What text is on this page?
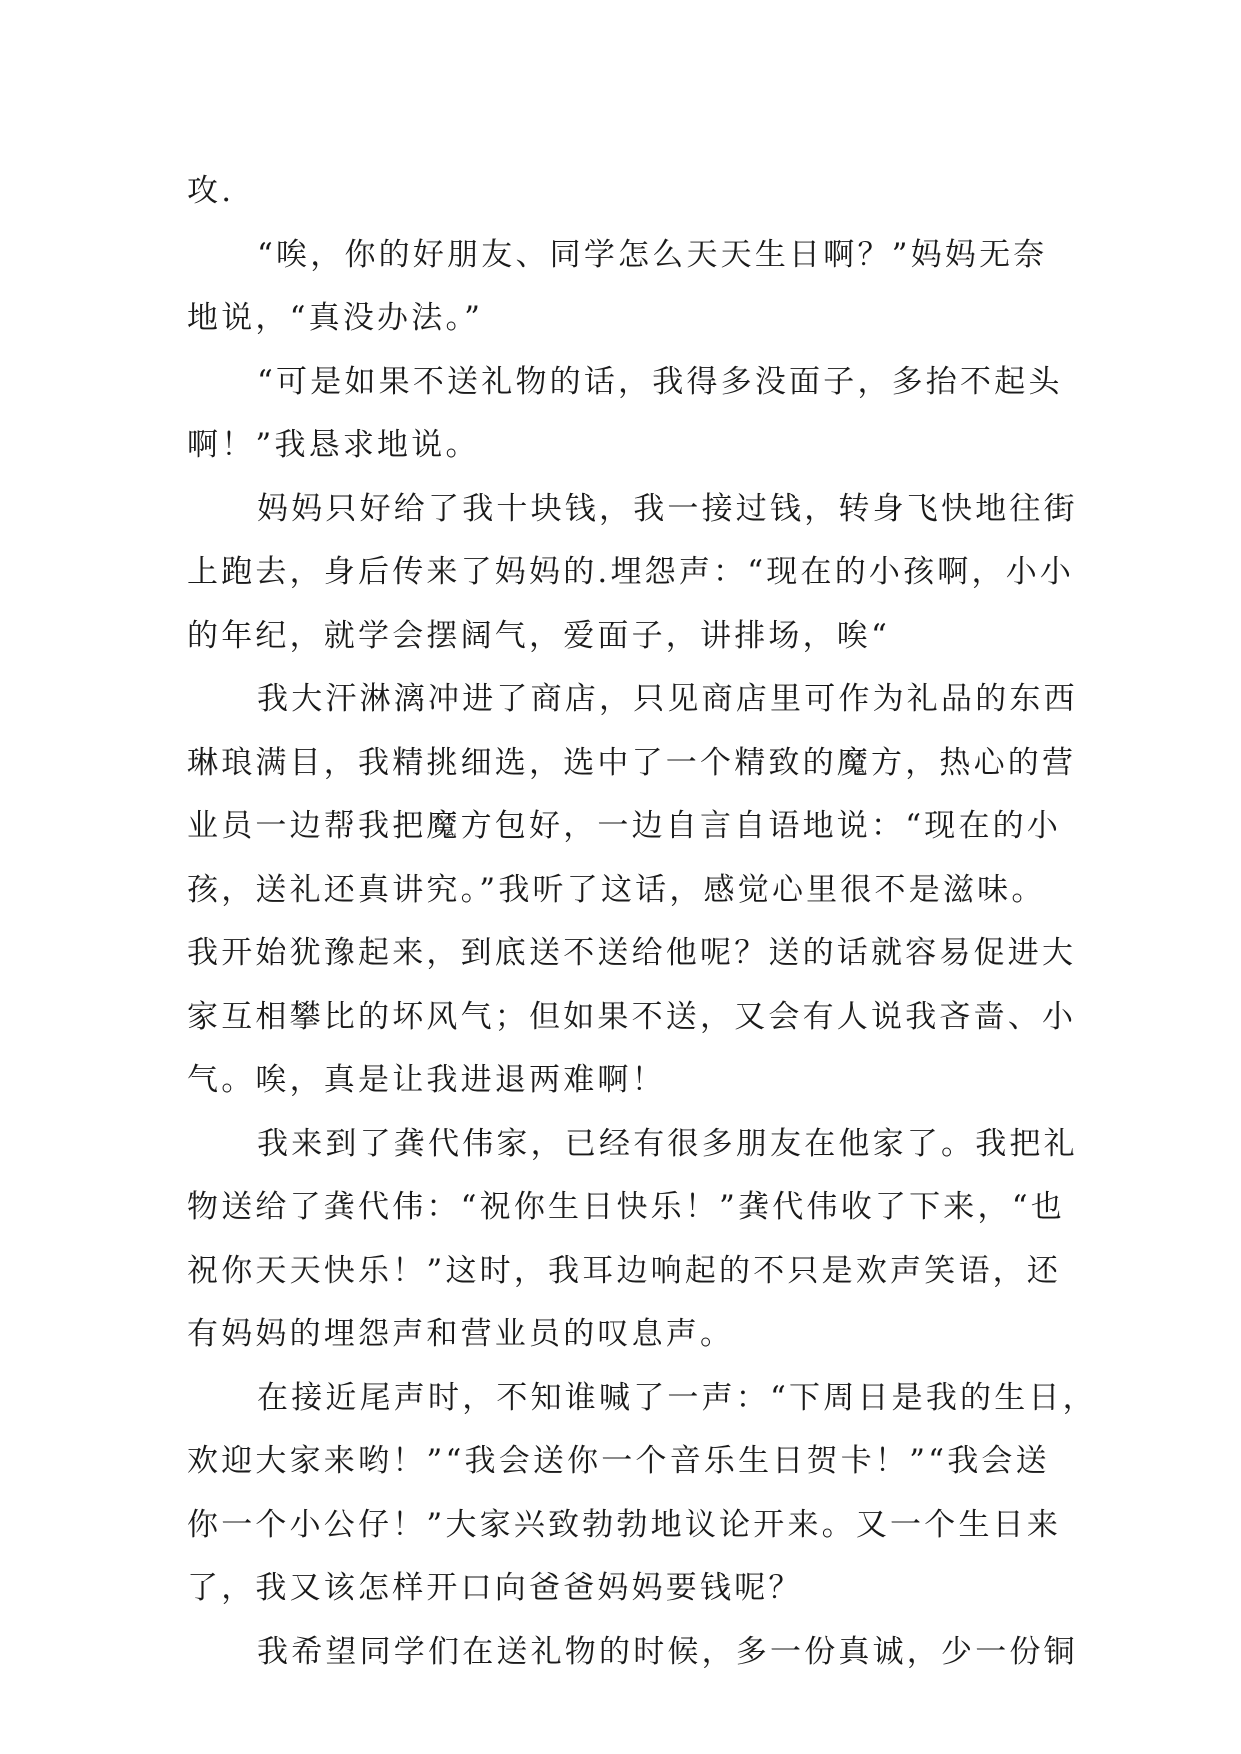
攻.
“唉，你的好朋友、同学怎么天天生日啊？”妈妈无奈
地说，“真没办法。”
“可是如果不送礼物的话，我得多没面子，多抬不起头
啊！”我恳求地说。
妈妈只好给了我十块钱，我一接过钱，转身飞快地往街
上跑去，身后传来了妈妈的.埋怨声：“现在的小孩啊，小小
的年纪，就学会摆阔气，爱面子，讲排场，唉“
我大汗淋漓冲进了商店，只见商店里可作为礼品的东西
琳琅满目，我精挑细选，选中了一个精致的魔方，热心的营
业员一边帮我把魔方包好，一边自言自语地说：“现在的小
孩，送礼还真讲究。”我听了这话，感觉心里很不是滋味。
我开始犹豫起来，到底送不送给他呢？送的话就容易促进大
家互相攀比的坏风气；但如果不送，又会有人说我吝啬、小
气。唉，真是让我进退两难啊！
我来到了龚代伟家，已经有很多朋友在他家了。我把礼
物送给了龚代伟：“祝你生日快乐！”龚代伟收了下来，“也
祝你天天快乐！”这时，我耳边响起的不只是欢声笑语，还
有妈妈的埋怨声和营业员的叹息声。
在接近尾声时，不知谁喊了一声：“下周日是我的生日，
欢迎大家来哟！”“我会送你一个音乐生日贺卡！”“我会送
你一个小公仔！”大家兴致勃勃地议论开来。又一个生日来
了，我又该怎样开口向爸爸妈妈要钱呢？
我希望同学们在送礼物的时候，多一份真诚，少一份铜
